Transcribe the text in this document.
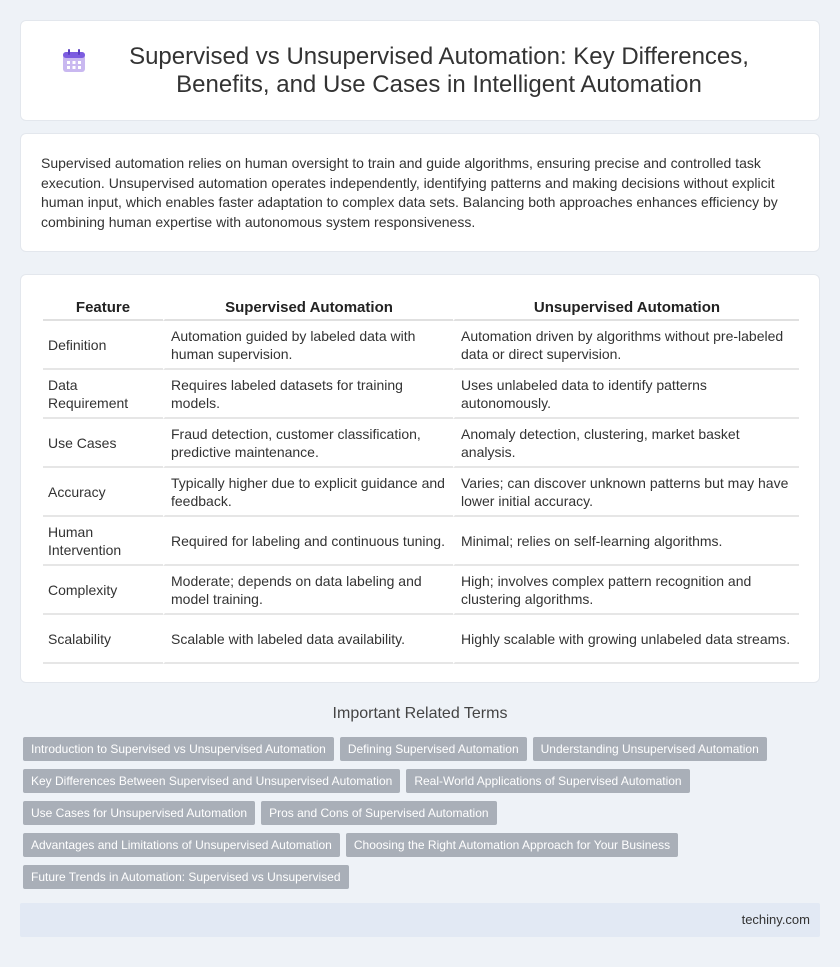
Supervised vs Unsupervised Automation: Key Differences, Benefits, and Use Cases in Intelligent Automation

Supervised automation relies on human oversight to train and guide algorithms, ensuring precise and controlled task execution. Unsupervised automation operates independently, identifying patterns and making decisions without explicit human input, which enables faster adaptation to complex data sets. Balancing both approaches enhances efficiency by combining human expertise with autonomous system responsiveness.

Feature	Supervised Automation	Unsupervised Automation
Definition	Automation guided by labeled data with human supervision.	Automation driven by algorithms without pre-labeled data or direct supervision.
Data Requirement	Requires labeled datasets for training models.	Uses unlabeled data to identify patterns autonomously.
Use Cases	Fraud detection, customer classification, predictive maintenance.	Anomaly detection, clustering, market basket analysis.
Accuracy	Typically higher due to explicit guidance and feedback.	Varies; can discover unknown patterns but may have lower initial accuracy.
Human Intervention	Required for labeling and continuous tuning.	Minimal; relies on self-learning algorithms.
Complexity	Moderate; depends on data labeling and model training.	High; involves complex pattern recognition and clustering algorithms.
Scalability	Scalable with labeled data availability.	Highly scalable with growing unlabeled data streams.
Important Related Terms
Introduction to Supervised vs Unsupervised Automation Defining Supervised Automation Understanding Unsupervised Automation
Key Differences Between Supervised and Unsupervised Automation Real-World Applications of Supervised Automation
Use Cases for Unsupervised Automation Pros and Cons of Supervised Automation
Advantages and Limitations of Unsupervised Automation Choosing the Right Automation Approach for Your Business
Future Trends in Automation: Supervised vs Unsupervised
techiny.com
